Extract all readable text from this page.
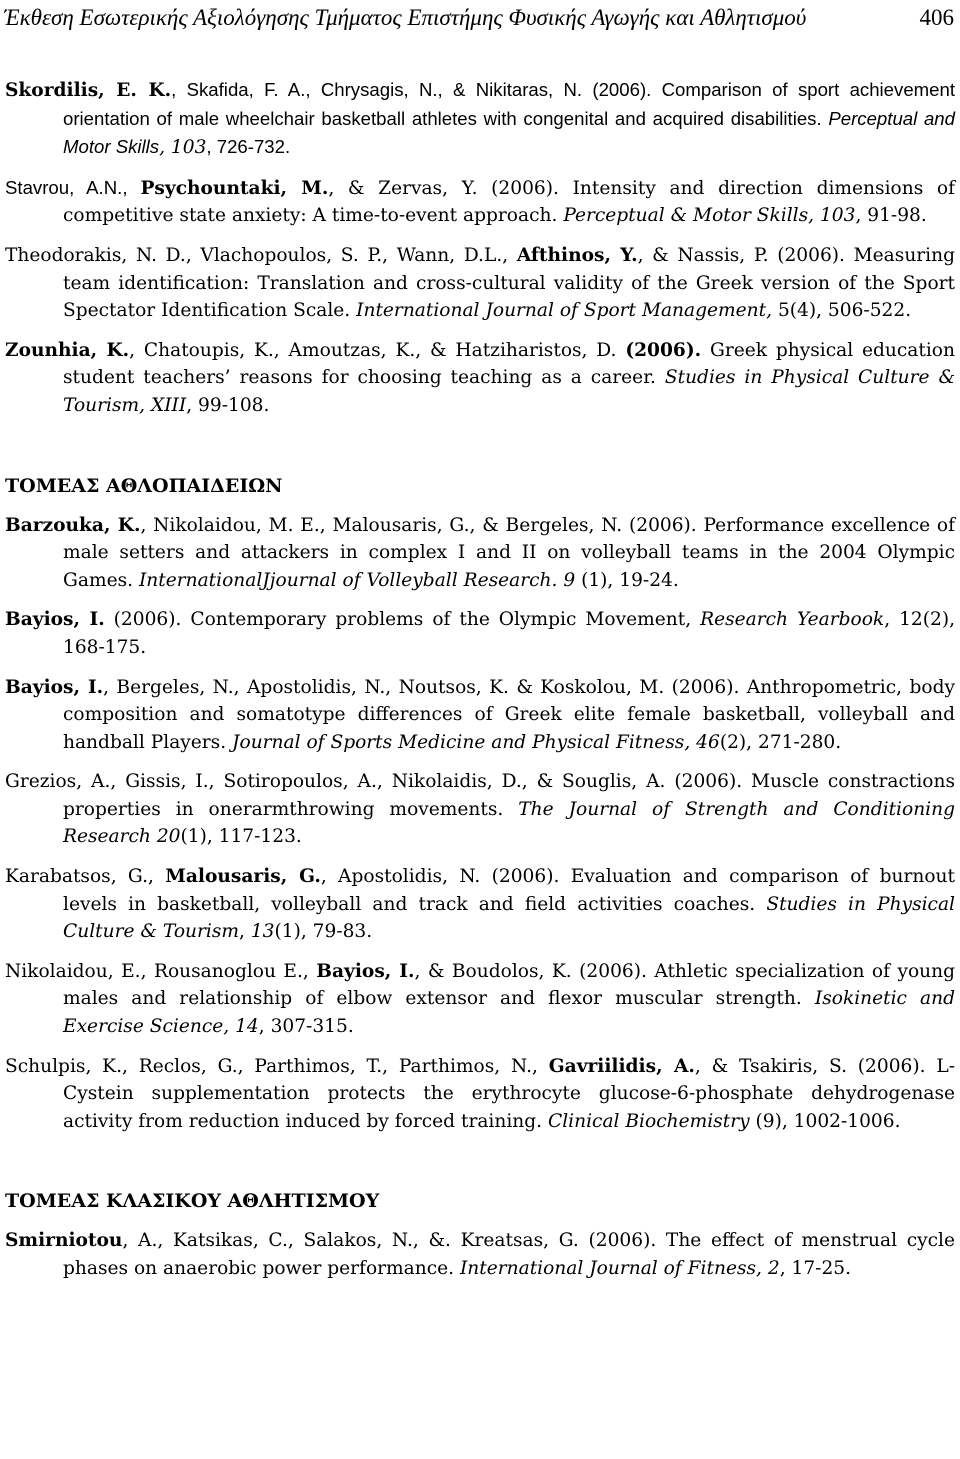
Έκθεση Εσωτερικής Αξιολόγησης Τμήματος Επιστήμης Φυσικής Αγωγής και Αθλητισμού	406

Skordilis, E. K., Skafida, F. A., Chrysagis, N., & Nikitaras, N. (2006). Comparison of sport achievement orientation of male wheelchair basketball athletes with congenital and acquired disabilities. Perceptual and Motor Skills, 103, 726-732.

Stavrou, A.N., Psychountaki, M., & Zervas, Y. (2006). Intensity and direction dimensions of competitive state anxiety: A time-to-event approach. Perceptual & Motor Skills, 103, 91-98.

Theodorakis, N. D., Vlachopoulos, S. P., Wann, D.L., Afthinos, Y., & Nassis, P. (2006). Measuring team identification: Translation and cross-cultural validity of the Greek version of the Sport Spectator Identification Scale. International Journal of Sport Management, 5(4), 506-522.

Zounhia, K., Chatoupis, K., Amoutzas, K., & Hatziharistos, D. (2006). Greek physical education student teachers’ reasons for choosing teaching as a career. Studies in Physical Culture & Tourism, XIII, 99-108.

ΤΟΜΕΑΣ ΑΘΛΟΠΑΙΔΕΙΩΝ

Barzouka, K., Nikolaidou, M. E., Malousaris, G., & Bergeles, N. (2006). Performance excellence of male setters and attackers in complex I and II on volleyball teams in the 2004 Olympic Games. InternationalJjournal of Volleyball Research. 9 (1), 19-24.

Bayios, I. (2006). Contemporary problems of the Olympic Movement, Research Yearbook, 12(2), 168-175.

Bayios, I., Bergeles, N., Apostolidis, N., Noutsos, K. & Koskolou, M. (2006). Anthropometric, body composition and somatotype differences of Greek elite female basketball, volleyball and handball Players. Journal of Sports Medicine and Physical Fitness, 46(2), 271-280.

Grezios, A., Gissis, I., Sotiropoulos, A., Nikolaidis, D., & Souglis, A. (2006). Muscle constractions properties in onerarmthrowing movements. The Journal of Strength and Conditioning Research 20(1), 117-123.

Karabatsos, G., Malousaris, G., Apostolidis, N. (2006). Evaluation and comparison of burnout levels in basketball, volleyball and track and field activities coaches. Studies in Physical Culture & Tourism, 13(1), 79-83.

Nikolaidou, E., Rousanoglou E., Bayios, I., & Boudolos, K. (2006). Athletic specialization of young males and relationship of elbow extensor and flexor muscular strength. Isokinetic and Exercise Science, 14, 307-315.

Schulpis, K., Reclos, G., Parthimos, T., Parthimos, N., Gavriilidis, A., & Tsakiris, S. (2006). L-Cystein supplementation protects the erythrocyte glucose-6-phosphate dehydrogenase activity from reduction induced by forced training. Clinical Biochemistry (9), 1002-1006.

ΤΟΜΕΑΣ ΚΛΑΣΙΚΟΥ ΑΘΛΗΤΙΣΜΟΥ

Smirniotou, A., Katsikas, C., Salakos, N., &. Kreatsas, G. (2006). The effect of menstrual cycle phases on anaerobic power performance. International Journal of Fitness, 2, 17-25.
